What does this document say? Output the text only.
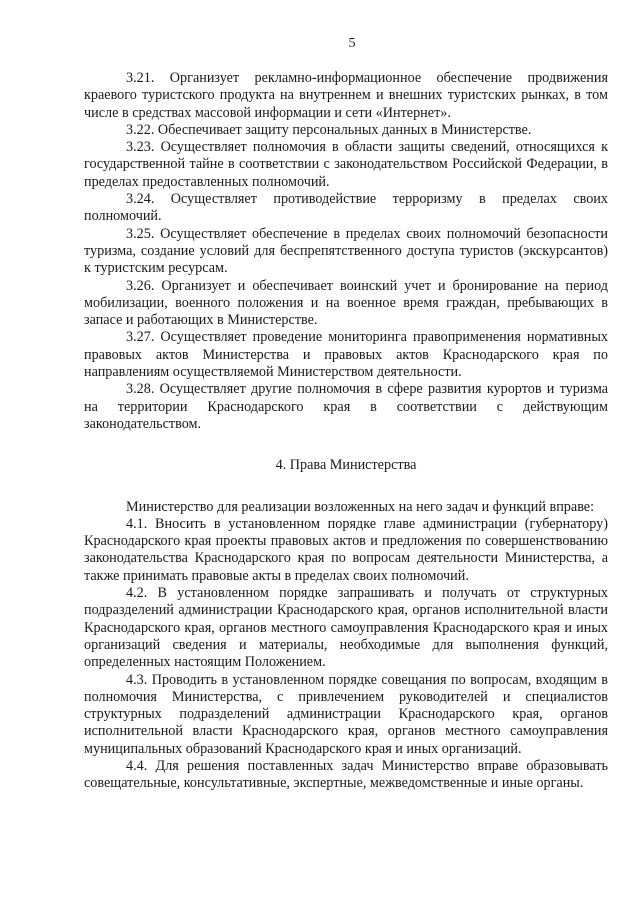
5

3.21. Организует рекламно-информационное обеспечение продвижения краевого туристского продукта на внутреннем и внешних туристских рынках, в том числе в средствах массовой информации и сети «Интернет».

3.22. Обеспечивает защиту персональных данных в Министерстве.

3.23. Осуществляет полномочия в области защиты сведений, относящихся к государственной тайне в соответствии с законодательством Российской Федерации, в пределах предоставленных полномочий.

3.24. Осуществляет противодействие терроризму в пределах своих полномочий.

3.25. Осуществляет обеспечение в пределах своих полномочий безопасности туризма, создание условий для беспрепятственного доступа туристов (экскурсантов) к туристским ресурсам.

3.26. Организует и обеспечивает воинский учет и бронирование на период мобилизации, военного положения и на военное время граждан, пребывающих в запасе и работающих в Министерстве.

3.27. Осуществляет проведение мониторинга правоприменения нормативных правовых актов Министерства и правовых актов Краснодарского края по направлениям осуществляемой Министерством деятельности.

3.28. Осуществляет другие полномочия в сфере развития курортов и туризма на территории Краснодарского края в соответствии с действующим законодательством.

4. Права Министерства

Министерство для реализации возложенных на него задач и функций вправе:

4.1. Вносить в установленном порядке главе администрации (губернатору) Краснодарского края проекты правовых актов и предложения по совершенствованию законодательства Краснодарского края по вопросам деятельности Министерства, а также принимать правовые акты в пределах своих полномочий.

4.2. В установленном порядке запрашивать и получать от структурных подразделений администрации Краснодарского края, органов исполнительной власти Краснодарского края, органов местного самоуправления Краснодарского края и иных организаций сведения и материалы, необходимые для выполнения функций, определенных настоящим Положением.

4.3. Проводить в установленном порядке совещания по вопросам, входящим в полномочия Министерства, с привлечением руководителей и специалистов структурных подразделений администрации Краснодарского края, органов исполнительной власти Краснодарского края, органов местного самоуправления муниципальных образований Краснодарского края и иных организаций.

4.4. Для решения поставленных задач Министерство вправе образовывать совещательные, консультативные, экспертные, межведомственные и иные органы.
